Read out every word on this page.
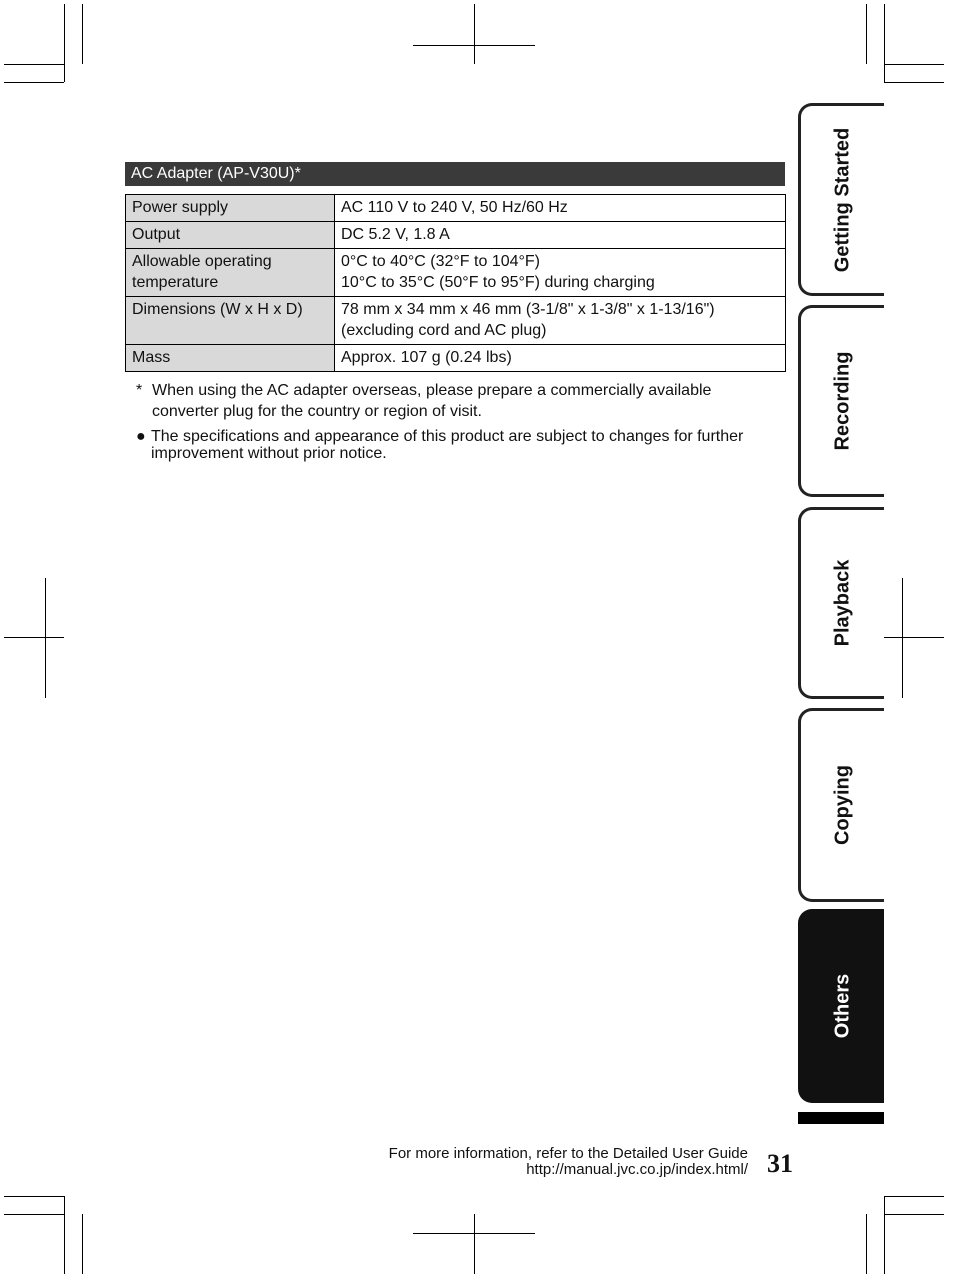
AC Adapter (AP-V30U)*
Power supply	AC 110 V to 240 V, 50 Hz/60 Hz

Output	DC 5.2 V, 1.8 A

Allowable operating temperature	0°C to 40°C (32°F to 104°F)
10°C to 35°C (50°F to 95°F) during charging

Dimensions (W x H x D)	78 mm x 34 mm x 46 mm (3-1/8" x 1-3/8" x 1-13/16")
(excluding cord and AC plug)

Mass	Approx. 107 g (0.24 lbs)
* When using the AC adapter overseas, please prepare a commercially available converter plug for the country or region of visit.
● The specifications and appearance of this product are subject to changes for further improvement without prior notice.
Getting Started
Recording
Playback
Copying
Others
For more information, refer to the Detailed User Guide
http://manual.jvc.co.jp/index.html/ 31
